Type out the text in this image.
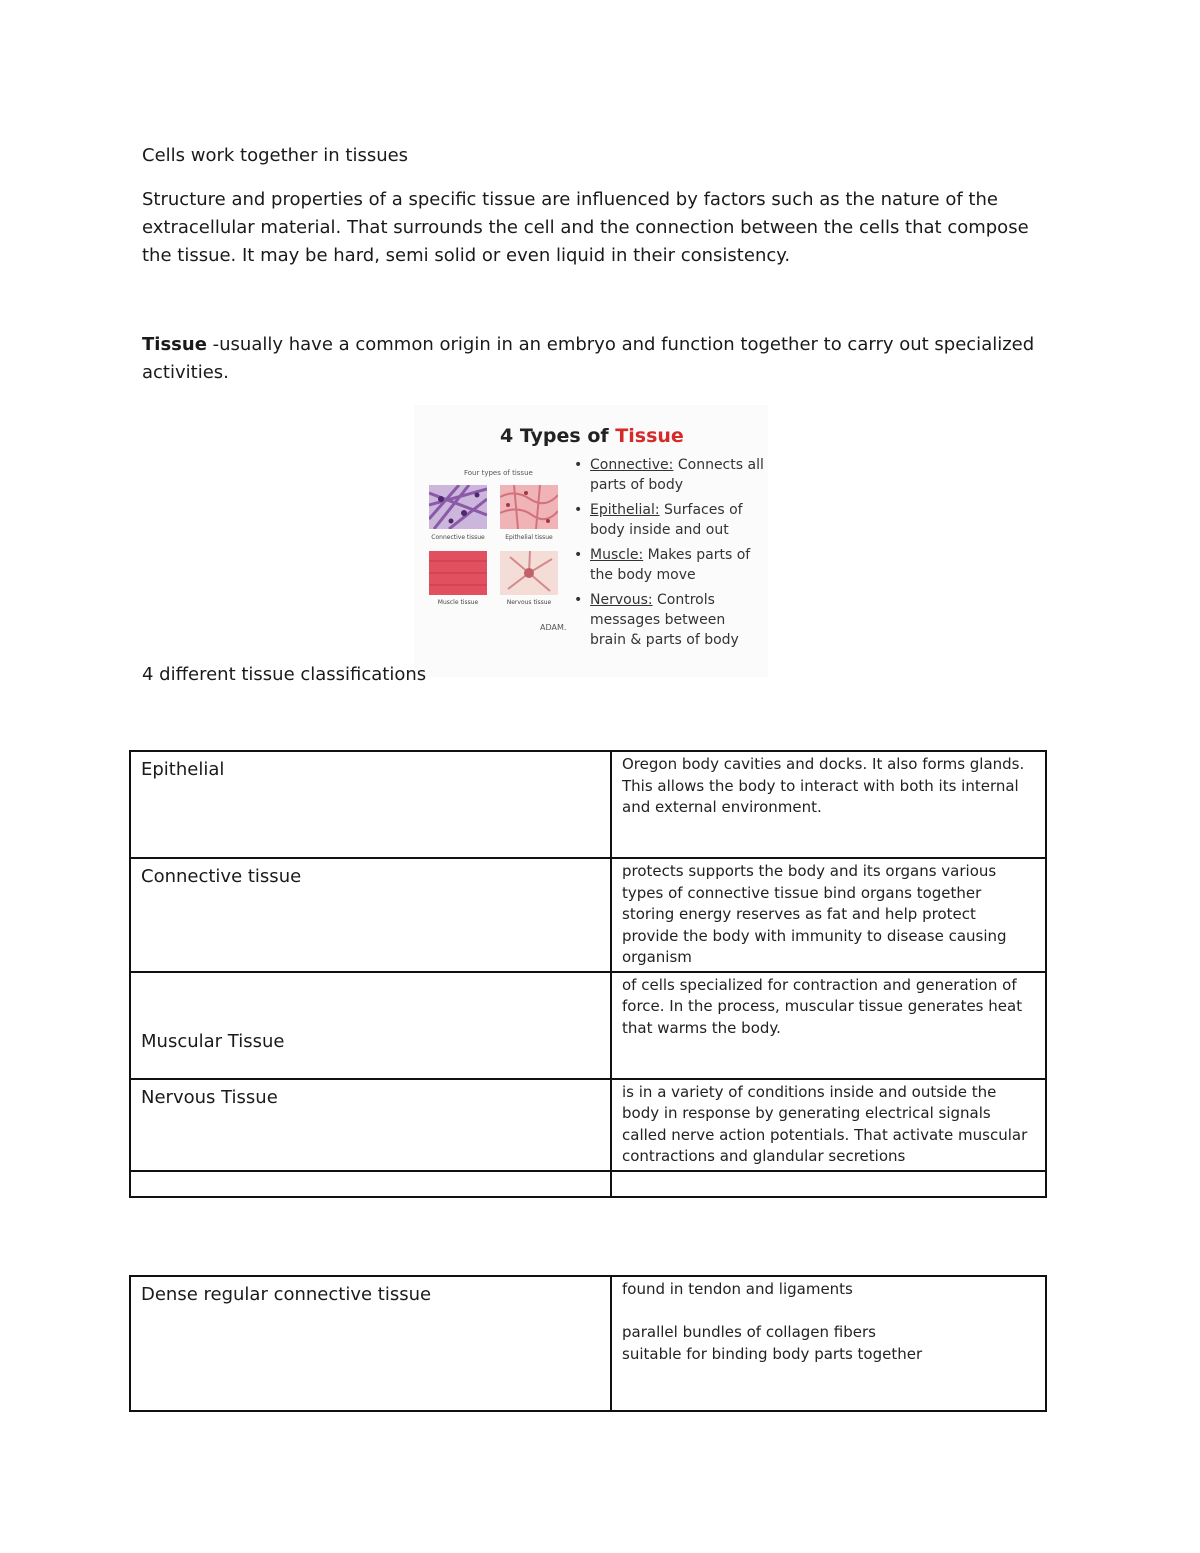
Cells work together in tissues

Structure and properties of a specific tissue are influenced by factors such as the nature of the extracellular material. That surrounds the cell and the connection between the cells that compose the tissue. It may be hard, semi solid or even liquid in their consistency.

Tissue -usually have a common origin in an embryo and function together to carry out specialized activities.

4 Types of Tissue
Four types of tissue
Connective tissue	Epithelial tissue
Muscle tissue	Nervous tissue
• Connective: Connects all parts of body
• Epithelial: Surfaces of body inside and out
• Muscle: Makes parts of the body move
• Nervous: Controls messages between brain & parts of body
ADAM.

4 different tissue classifications

Epithelial	Oregon body cavities and docks. It also forms glands. This allows the body to interact with both its internal and external environment.
Connective tissue	protects supports the body and its organs various types of connective tissue bind organs together storing energy reserves as fat and help protect provide the body with immunity to disease causing organism
Muscular Tissue	of cells specialized for contraction and generation of force. In the process, muscular tissue generates heat that warms the body.
Nervous Tissue	is in a variety of conditions inside and outside the body in response by generating electrical signals called nerve action potentials. That activate muscular contractions and glandular secretions

Dense regular connective tissue	found in tendon and ligaments
parallel bundles of collagen fibers
suitable for binding body parts together
